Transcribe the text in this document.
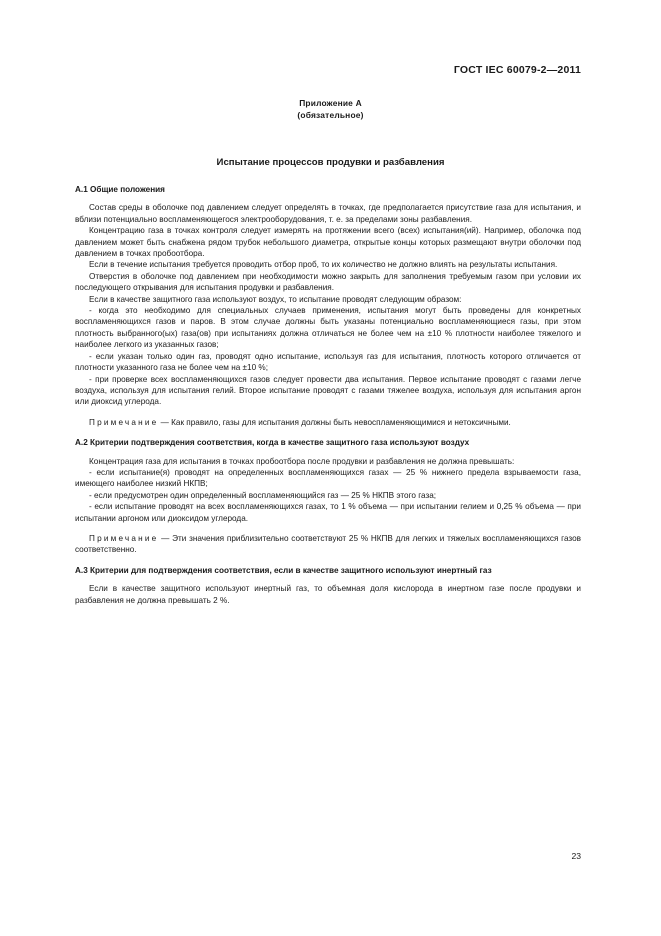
ГОСТ IEC 60079-2—2011
Приложение А
(обязательное)
Испытание процессов продувки и разбавления
А.1 Общие положения

Состав среды в оболочке под давлением следует определять в точках, где предполагается присутствие газа для испытания, и вблизи потенциально воспламеняющегося электрооборудования, т. е. за пределами зоны разбавления.

Концентрацию газа в точках контроля следует измерять на протяжении всего (всех) испытания(ий). Например, оболочка под давлением может быть снабжена рядом трубок небольшого диаметра, открытые концы которых размещают внутри оболочки под давлением в точках пробоотбора.

Если в течение испытания требуется проводить отбор проб, то их количество не должно влиять на результаты испытания.

Отверстия в оболочке под давлением при необходимости можно закрыть для заполнения требуемым газом при условии их последующего открывания для испытания продувки и разбавления.

Если в качестве защитного газа используют воздух, то испытание проводят следующим образом:

- когда это необходимо для специальных случаев применения, испытания могут быть проведены для конкретных воспламеняющихся газов и паров. В этом случае должны быть указаны потенциально воспламеняющиеся газы, при этом плотность выбранного(ых) газа(ов) при испытаниях должна отличаться не более чем на ±10 % плотности наиболее тяжелого и наиболее легкого из указанных газов;

- если указан только один газ, проводят одно испытание, используя газ для испытания, плотность которого отличается от плотности указанного газа не более чем на ±10 %;

- при проверке всех воспламеняющихся газов следует провести два испытания. Первое испытание проводят с газами легче воздуха, используя для испытания гелий. Второе испытание проводят с газами тяжелее воздуха, используя для испытания аргон или диоксид углерода.

Примечание — Как правило, газы для испытания должны быть невоспламеняющимися и нетоксичными.

А.2 Критерии подтверждения соответствия, когда в качестве защитного газа используют воздух

Концентрация газа для испытания в точках пробоотбора после продувки и разбавления не должна превышать:

- если испытание(я) проводят на определенных воспламеняющихся газах — 25 % нижнего предела взрываемости газа, имеющего наиболее низкий НКПВ;

- если предусмотрен один определенный воспламеняющийся газ — 25 % НКПВ этого газа;

- если испытание проводят на всех воспламеняющихся газах, то 1 % объема — при испытании гелием и 0,25 % объема — при испытании аргоном или диоксидом углерода.

Примечание — Эти значения приблизительно соответствуют 25 % НКПВ для легких и тяжелых воспламеняющихся газов соответственно.

А.3 Критерии для подтверждения соответствия, если в качестве защитного используют инертный газ

Если в качестве защитного используют инертный газ, то объемная доля кислорода в инертном газе после продувки и разбавления не должна превышать 2 %.

23
